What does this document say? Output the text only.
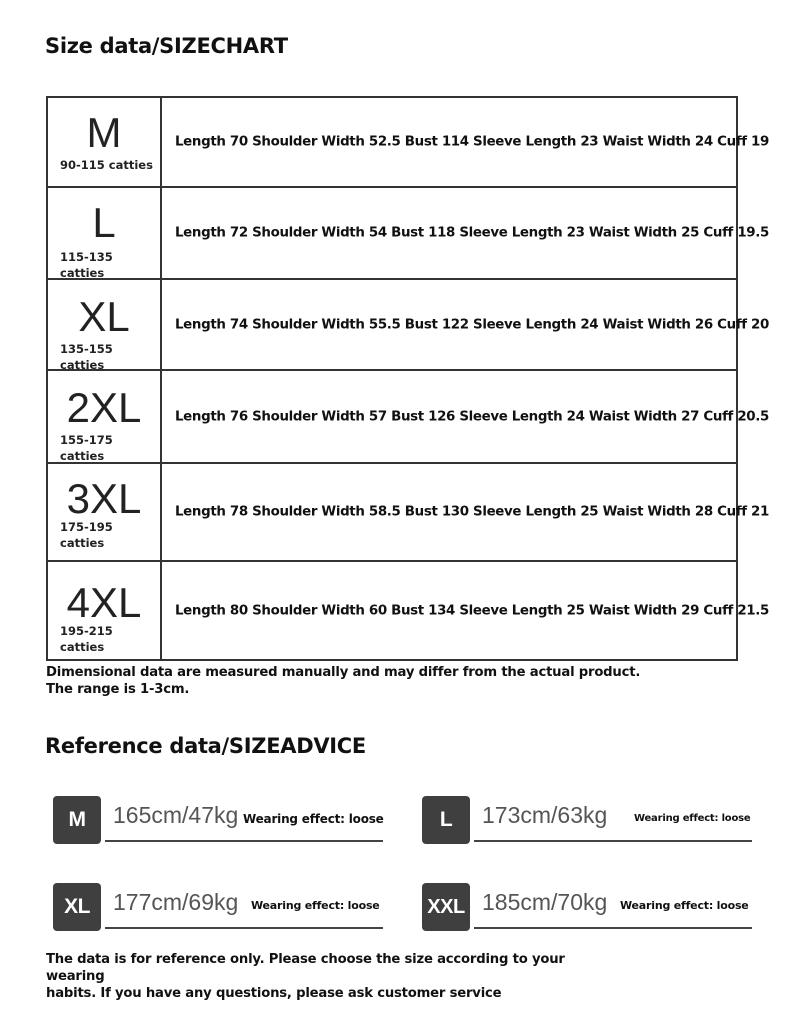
Size data/SIZECHART
M
90-115 catties
Length 70 Shoulder Width 52.5 Bust 114 Sleeve Length 23 Waist Width 24 Cuff 19
L
115-135 catties
Length 72 Shoulder Width 54 Bust 118 Sleeve Length 23 Waist Width 25 Cuff 19.5
XL
135-155 catties
Length 74 Shoulder Width 55.5 Bust 122 Sleeve Length 24 Waist Width 26 Cuff 20
2XL
155-175 catties
Length 76 Shoulder Width 57 Bust 126 Sleeve Length 24 Waist Width 27 Cuff 20.5
3XL
175-195 catties
Length 78 Shoulder Width 58.5 Bust 130 Sleeve Length 25 Waist Width 28 Cuff 21
4XL
195-215 catties
Length 80 Shoulder Width 60 Bust 134 Sleeve Length 25 Waist Width 29 Cuff 21.5
Dimensional data are measured manually and may differ from the actual product.
The range is 1-3cm.
Reference data/SIZEADVICE
M	165cm/47kg Wearing effect: loose	L	173cm/63kg	Wearing effect: loose
XL	177cm/69kg Wearing effect: loose XXL 185cm/70kg Wearing effect: loose
The data is for reference only. Please choose the size according to your wearing
habits. If you have any questions, please ask customer service
